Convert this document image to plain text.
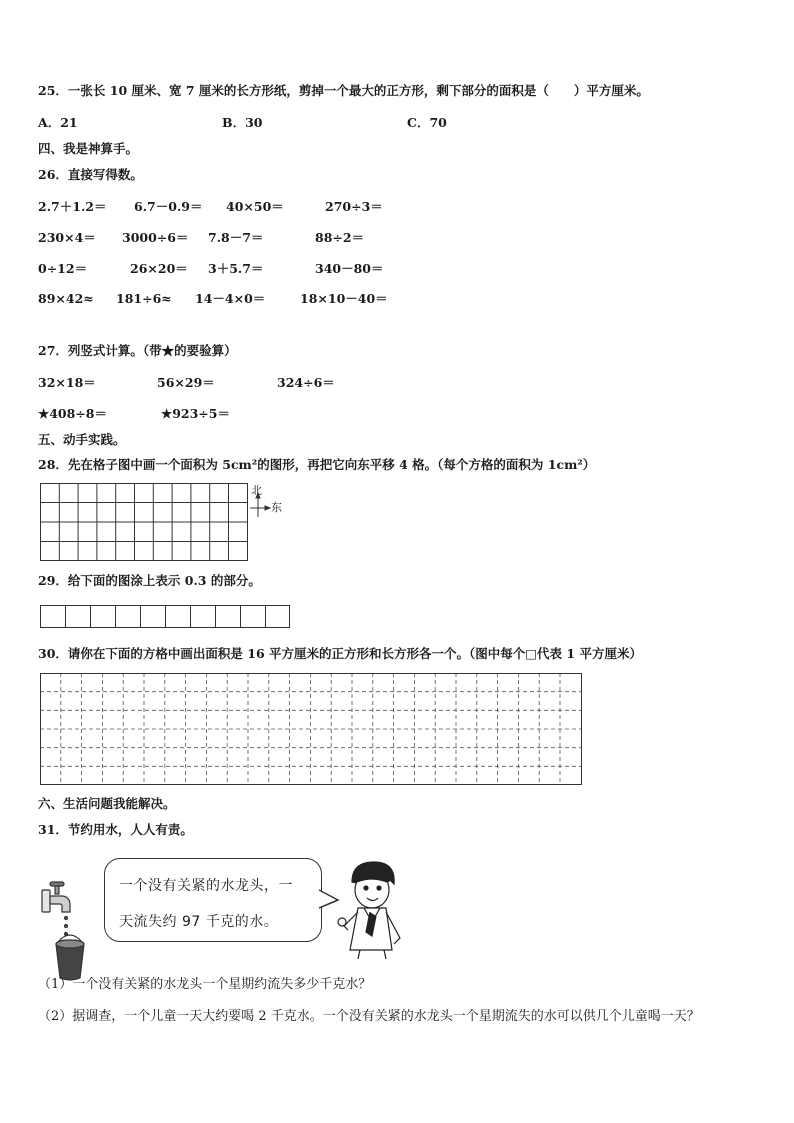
25．一张长 10 厘米、宽 7 厘米的长方形纸，剪掉一个最大的正方形，剩下部分的面积是（　　）平方厘米。
A．21	B．30	C．70
四、我是神算手。
26．直接写得数。
2.7＋1.2＝ 6.7－0.9＝ 40×50＝	270÷3＝
230×4＝ 3000÷6＝ 7.8－7＝	88÷2＝
0÷12＝	26×20＝ 3＋5.7＝	340－80＝
89×42≈ 181÷6≈ 14－4×0＝	18×10－40＝
27．列竖式计算。（带★的要验算）
32×18＝	56×29＝	324÷6＝
★408÷8＝	★923÷5＝
五、动手实践。
28．先在格子图中画一个面积为 5cm²的图形，再把它向东平移 4 格。（每个方格的面积为 1cm²）
北
东
29．给下面的图涂上表示 0.3 的部分。
30．请你在下面的方格中画出面积是 16 平方厘米的正方形和长方形各一个。（图中每个□代表 1 平方厘米）
六、生活问题我能解决。
31．节约用水，人人有责。
一个没有关紧的水龙头，一
天流失约 97 千克的水。
（1）一个没有关紧的水龙头一个星期约流失多少千克水？
（2）据调查，一个儿童一天大约要喝 2 千克水。一个没有关紧的水龙头一个星期流失的水可以供几个儿童喝一天？
